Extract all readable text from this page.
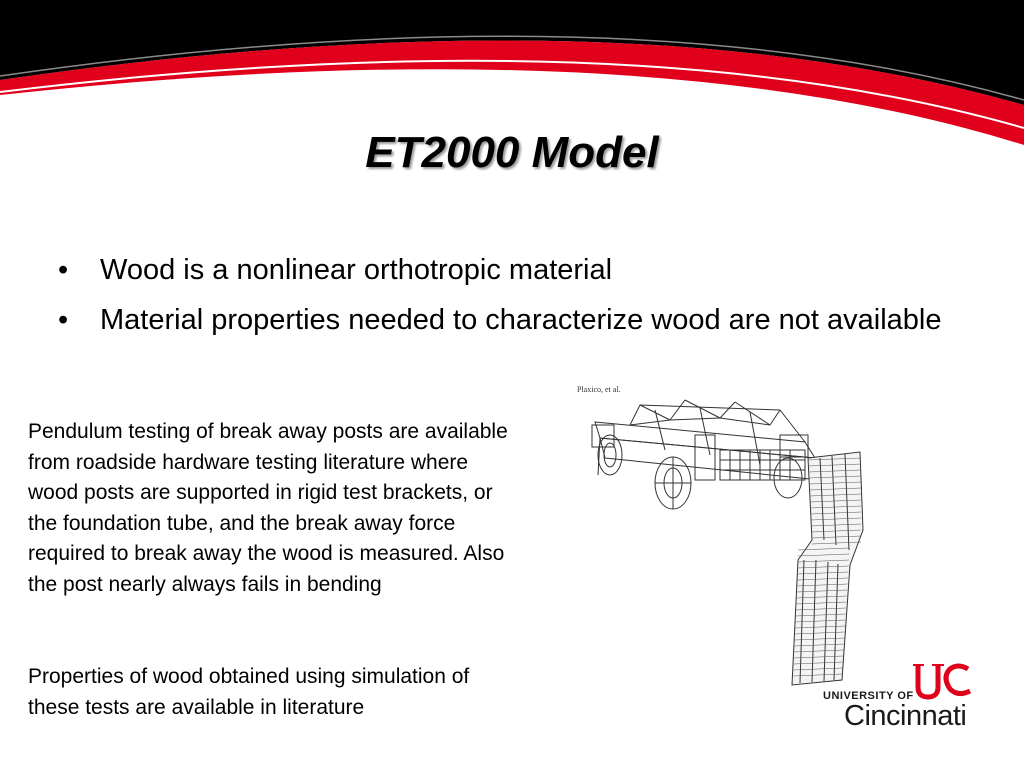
ET2000 Model
• Wood is a nonlinear orthotropic material
• Material properties needed to characterize wood are not available
Pendulum testing of break away posts are available from roadside hardware testing literature where wood posts are supported in rigid test brackets, or the foundation tube, and the break away force required to break away the wood is measured. Also the post nearly always fails in bending
Properties of wood obtained using simulation of these tests are available in literature
Plaxico, et al.
UNIVERSITY OF
Cincinnati
